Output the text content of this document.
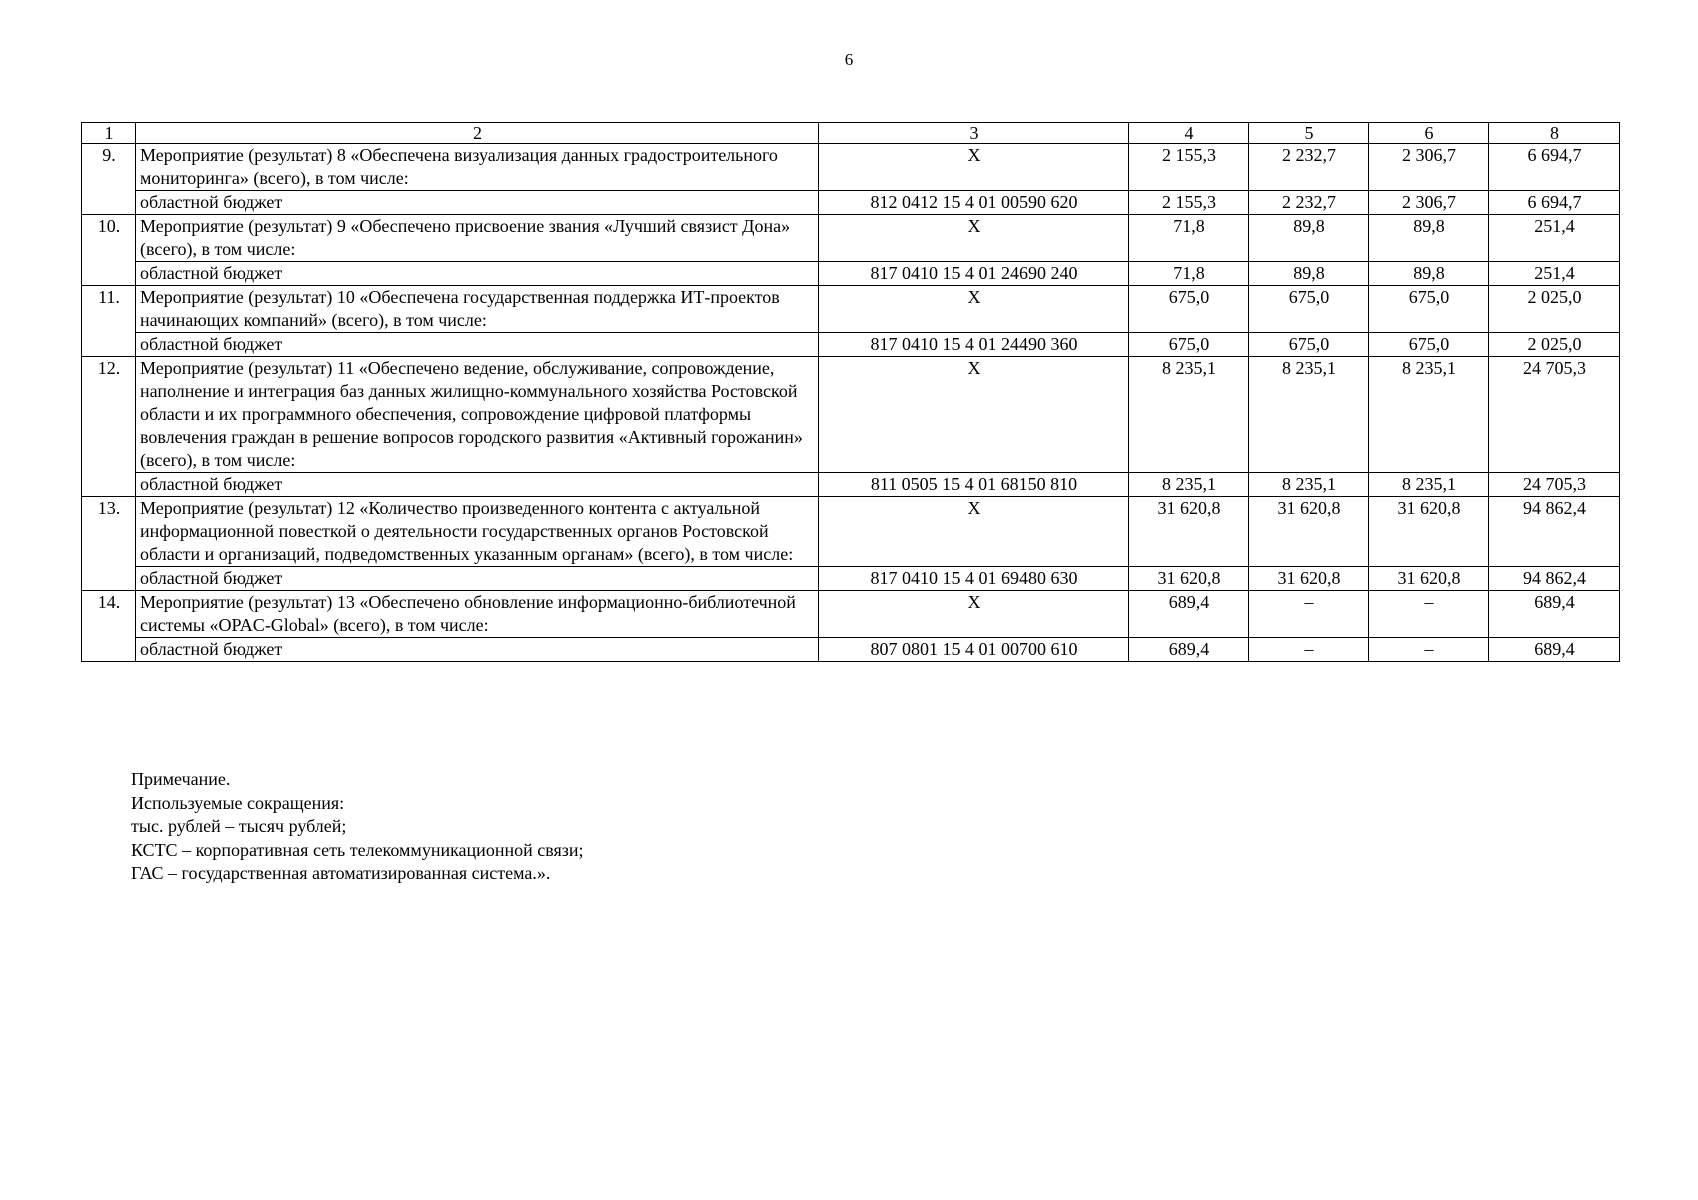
6
1	2	3	4	5	6	8
9.	Мероприятие (результат) 8 «Обеспечена визуализация данных градостроительного мониторинга» (всего), в том числе:	X	2 155,3	2 232,7	2 306,7	6 694,7
	областной бюджет	812 0412 15 4 01 00590 620	2 155,3	2 232,7	2 306,7	6 694,7
10.	Мероприятие (результат) 9 «Обеспечено присвоение звания «Лучший связист Дона» (всего), в том числе:	X	71,8	89,8	89,8	251,4
	областной бюджет	817 0410 15 4 01 24690 240	71,8	89,8	89,8	251,4
11.	Мероприятие (результат) 10 «Обеспечена государственная поддержка ИТ-проектов начинающих компаний» (всего), в том числе:	X	675,0	675,0	675,0	2 025,0
	областной бюджет	817 0410 15 4 01 24490 360	675,0	675,0	675,0	2 025,0
12.	Мероприятие (результат) 11 «Обеспечено ведение, обслуживание, сопровождение, наполнение и интеграция баз данных жилищно-коммунального хозяйства Ростовской области и их программного обеспечения, сопровождение цифровой платформы вовлечения граждан в решение вопросов городского развития «Активный горожанин» (всего), в том числе:	X	8 235,1	8 235,1	8 235,1	24 705,3
	областной бюджет	811 0505 15 4 01 68150 810	8 235,1	8 235,1	8 235,1	24 705,3
13.	Мероприятие (результат) 12 «Количество произведенного контента с актуальной информационной повесткой о деятельности государственных органов Ростовской области и организаций, подведомственных указанным органам» (всего), в том числе:	X	31 620,8	31 620,8	31 620,8	94 862,4
	областной бюджет	817 0410 15 4 01 69480 630	31 620,8	31 620,8	31 620,8	94 862,4
14.	Мероприятие (результат) 13 «Обеспечено обновление информационно-библиотечной системы «OPAC-Global» (всего), в том числе:	X	689,4	–	–	689,4
	областной бюджет	807 0801 15 4 01 00700 610	689,4	–	–	689,4
Примечание.
Используемые сокращения:
тыс. рублей – тысяч рублей;
КСТС – корпоративная сеть телекоммуникационной связи;
ГАС – государственная автоматизированная система.».
